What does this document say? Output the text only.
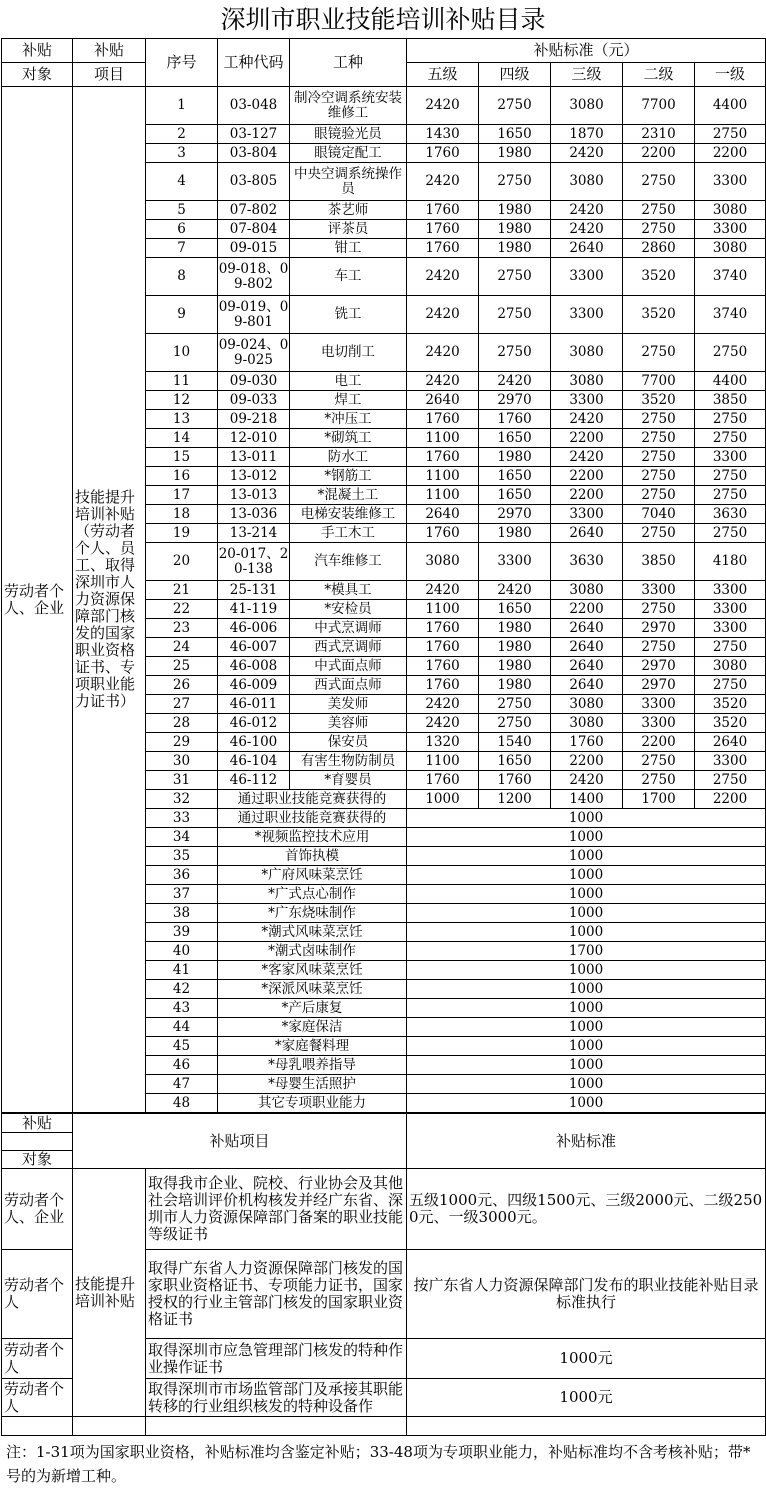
深圳市职业技能培训补贴目录
补贴	补贴	序号	工种代码	工种	补贴标准（元）				
对象	项目				五级	四级	三级	二级	一级
劳动者个人、企业	技能提升培训补贴（劳动者个人、员工、取得深圳市人力资源保障部门核发的国家职业资格证书、专项职业能力证书）	1	03-048	制冷空调系统安装维修工	2420	2750	3080	7700	4400
		2	03-127	眼镜验光员	1430	1650	1870	2310	2750
		3	03-804	眼镜定配工	1760	1980	2420	2200	2200
		4	03-805	中央空调系统操作员	2420	2750	3080	2750	3300
		5	07-802	茶艺师	1760	1980	2420	2750	3080
		6	07-804	评茶员	1760	1980	2420	2750	3300
		7	09-015	钳工	1760	1980	2640	2860	3080
		8	09-018、09-802	车工	2420	2750	3300	3520	3740
		9	09-019、09-801	铣工	2420	2750	3300	3520	3740
		10	09-024、09-025	电切削工	2420	2750	3080	2750	2750
		11	09-030	电工	2420	2420	3080	7700	4400
		12	09-033	焊工	2640	2970	3300	3520	3850
		13	09-218	*冲压工	1760	1760	2420	2750	2750
		14	12-010	*砌筑工	1100	1650	2200	2750	2750
		15	13-011	防水工	1760	1980	2420	2750	3300
		16	13-012	*钢筋工	1100	1650	2200	2750	2750
		17	13-013	*混凝土工	1100	1650	2200	2750	2750
		18	13-036	电梯安装维修工	2640	2970	3300	7040	3630
		19	13-214	手工木工	1760	1980	2640	2750	2750
		20	20-017、20-138	汽车维修工	3080	3300	3630	3850	4180
		21	25-131	*模具工	2420	2420	3080	3300	3300
		22	41-119	*安检员	1100	1650	2200	2750	3300
		23	46-006	中式烹调师	1760	1980	2640	2970	3300
		24	46-007	西式烹调师	1760	1980	2640	2750	2750
		25	46-008	中式面点师	1760	1980	2640	2970	3080
		26	46-009	西式面点师	1760	1980	2640	2970	2750
		27	46-011	美发师	2420	2750	3080	3300	3520
		28	46-012	美容师	2420	2750	3080	3300	3520
		29	46-100	保安员	1320	1540	1760	2200	2640
		30	46-104	有害生物防制员	1100	1650	2200	2750	3300
		31	46-112	*育婴员	1760	1760	2420	2750	2750
		32	通过职业技能竞赛获得的		1000	1200	1400	1700	2200
		33	通过职业技能竞赛获得的		1000				
		34	*视频监控技术应用		1000				
		35	首饰执模		1000				
		36	*广府风味菜烹饪		1000				
		37	*广式点心制作		1000				
		38	*广东烧味制作		1000				
		39	*潮式风味菜烹饪		1000				
		40	*潮式卤味制作		1700				
		41	*客家风味菜烹饪		1000				
		42	*深派风味菜烹饪		1000				
		43	*产后康复		1000				
		44	*家庭保洁		1000				
		45	*家庭餐料理		1000				
		46	*母乳喂养指导		1000				
		47	*母婴生活照护		1000				
		48	其它专项职业能力		1000				
补贴	补贴项目		补贴标准

对象			
劳动者个人、企业	技能提升培训补贴	取得我市企业、院校、行业协会及其他社会培训评价机构核发并经广东省、深圳市人力资源保障部门备案的职业技能等级证书	五级1000元、四级1500元、三级2000元、二级2500元、一级3000元。
劳动者个人		取得广东省人力资源保障部门核发的国家职业资格证书、专项能力证书，国家授权的行业主管部门核发的国家职业资格证书	按广东省人力资源保障部门发布的职业技能补贴目录标准执行
劳动者个人		取得深圳市应急管理部门核发的特种作业操作证书	1000元
劳动者个人		取得深圳市市场监管部门及承接其职能转移的行业组织核发的特种设备作	1000元

注：1-31项为国家职业资格，补贴标准均含鉴定补贴；33-48项为专项职业能力，补贴标准均不含考核补贴；带*号的为新增工种。
